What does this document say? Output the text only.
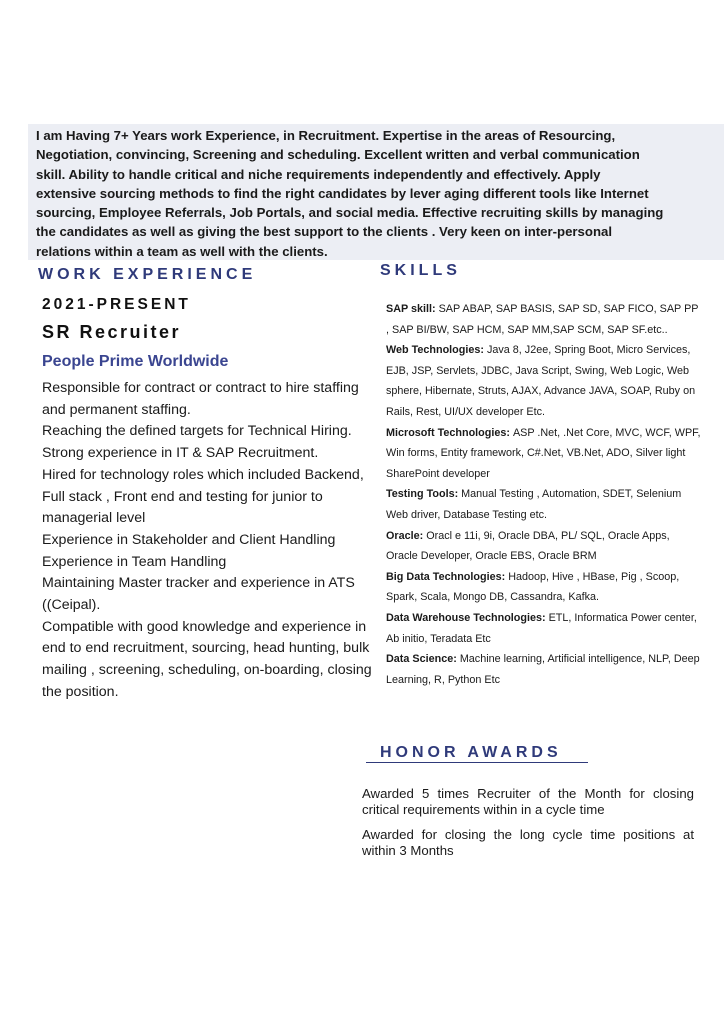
I am Having 7+ Years work Experience, in Recruitment. Expertise in the areas of Resourcing, Negotiation, convincing, Screening and scheduling. Excellent written and verbal communication skill. Ability to handle critical and niche requirements independently and effectively. Apply extensive sourcing methods to find the right candidates by lever aging different tools like Internet sourcing, Employee Referrals, Job Portals, and social media. Effective recruiting skills by managing the candidates as well as giving the best support to the clients . Very keen on inter-personal relations within a team as well with the clients.

WORK EXPERIENCE
2021-PRESENT
SR Recruiter
People Prime Worldwide
Responsible for contract or contract to hire staffing and permanent staffing.
Reaching the defined targets for Technical Hiring.
Strong experience in IT & SAP Recruitment.
Hired for technology roles which included Backend, Full stack , Front end and testing for junior to managerial level
Experience in Stakeholder and Client Handling
Experience in Team Handling
Maintaining Master tracker and experience in ATS ((Ceipal).
Compatible with good knowledge and experience in end to end recruitment, sourcing, head hunting, bulk mailing , screening, scheduling, on-boarding, closing the position.
SKILLS
SAP skill: SAP ABAP, SAP BASIS, SAP SD, SAP FICO, SAP PP , SAP BI/BW, SAP HCM, SAP MM,SAP SCM, SAP SF.etc..
Web Technologies: Java 8, J2ee, Spring Boot, Micro Services, EJB, JSP, Servlets, JDBC, Java Script, Swing, Web Logic, Web sphere, Hibernate, Struts, AJAX, Advance JAVA, SOAP, Ruby on Rails, Rest, UI/UX developer Etc.
Microsoft Technologies: ASP .Net, .Net Core, MVC, WCF, WPF, Win forms, Entity framework, C#.Net, VB.Net, ADO, Silver light SharePoint developer
Testing Tools: Manual Testing , Automation, SDET, Selenium Web driver, Database Testing etc.
Oracle: Oracl e 11i, 9i, Oracle DBA, PL/ SQL, Oracle Apps, Oracle Developer, Oracle EBS, Oracle BRM
Big Data Technologies: Hadoop, Hive , HBase, Pig , Scoop, Spark, Scala, Mongo DB, Cassandra, Kafka.
Data Warehouse Technologies: ETL, Informatica Power center, Ab initio, Teradata Etc
Data Science: Machine learning, Artificial intelligence, NLP, Deep Learning, R, Python Etc
HONOR AWARDS
Awarded 5 times Recruiter of the Month for closing critical requirements within in a cycle time
Awarded for closing the long cycle time positions at within 3 Months
